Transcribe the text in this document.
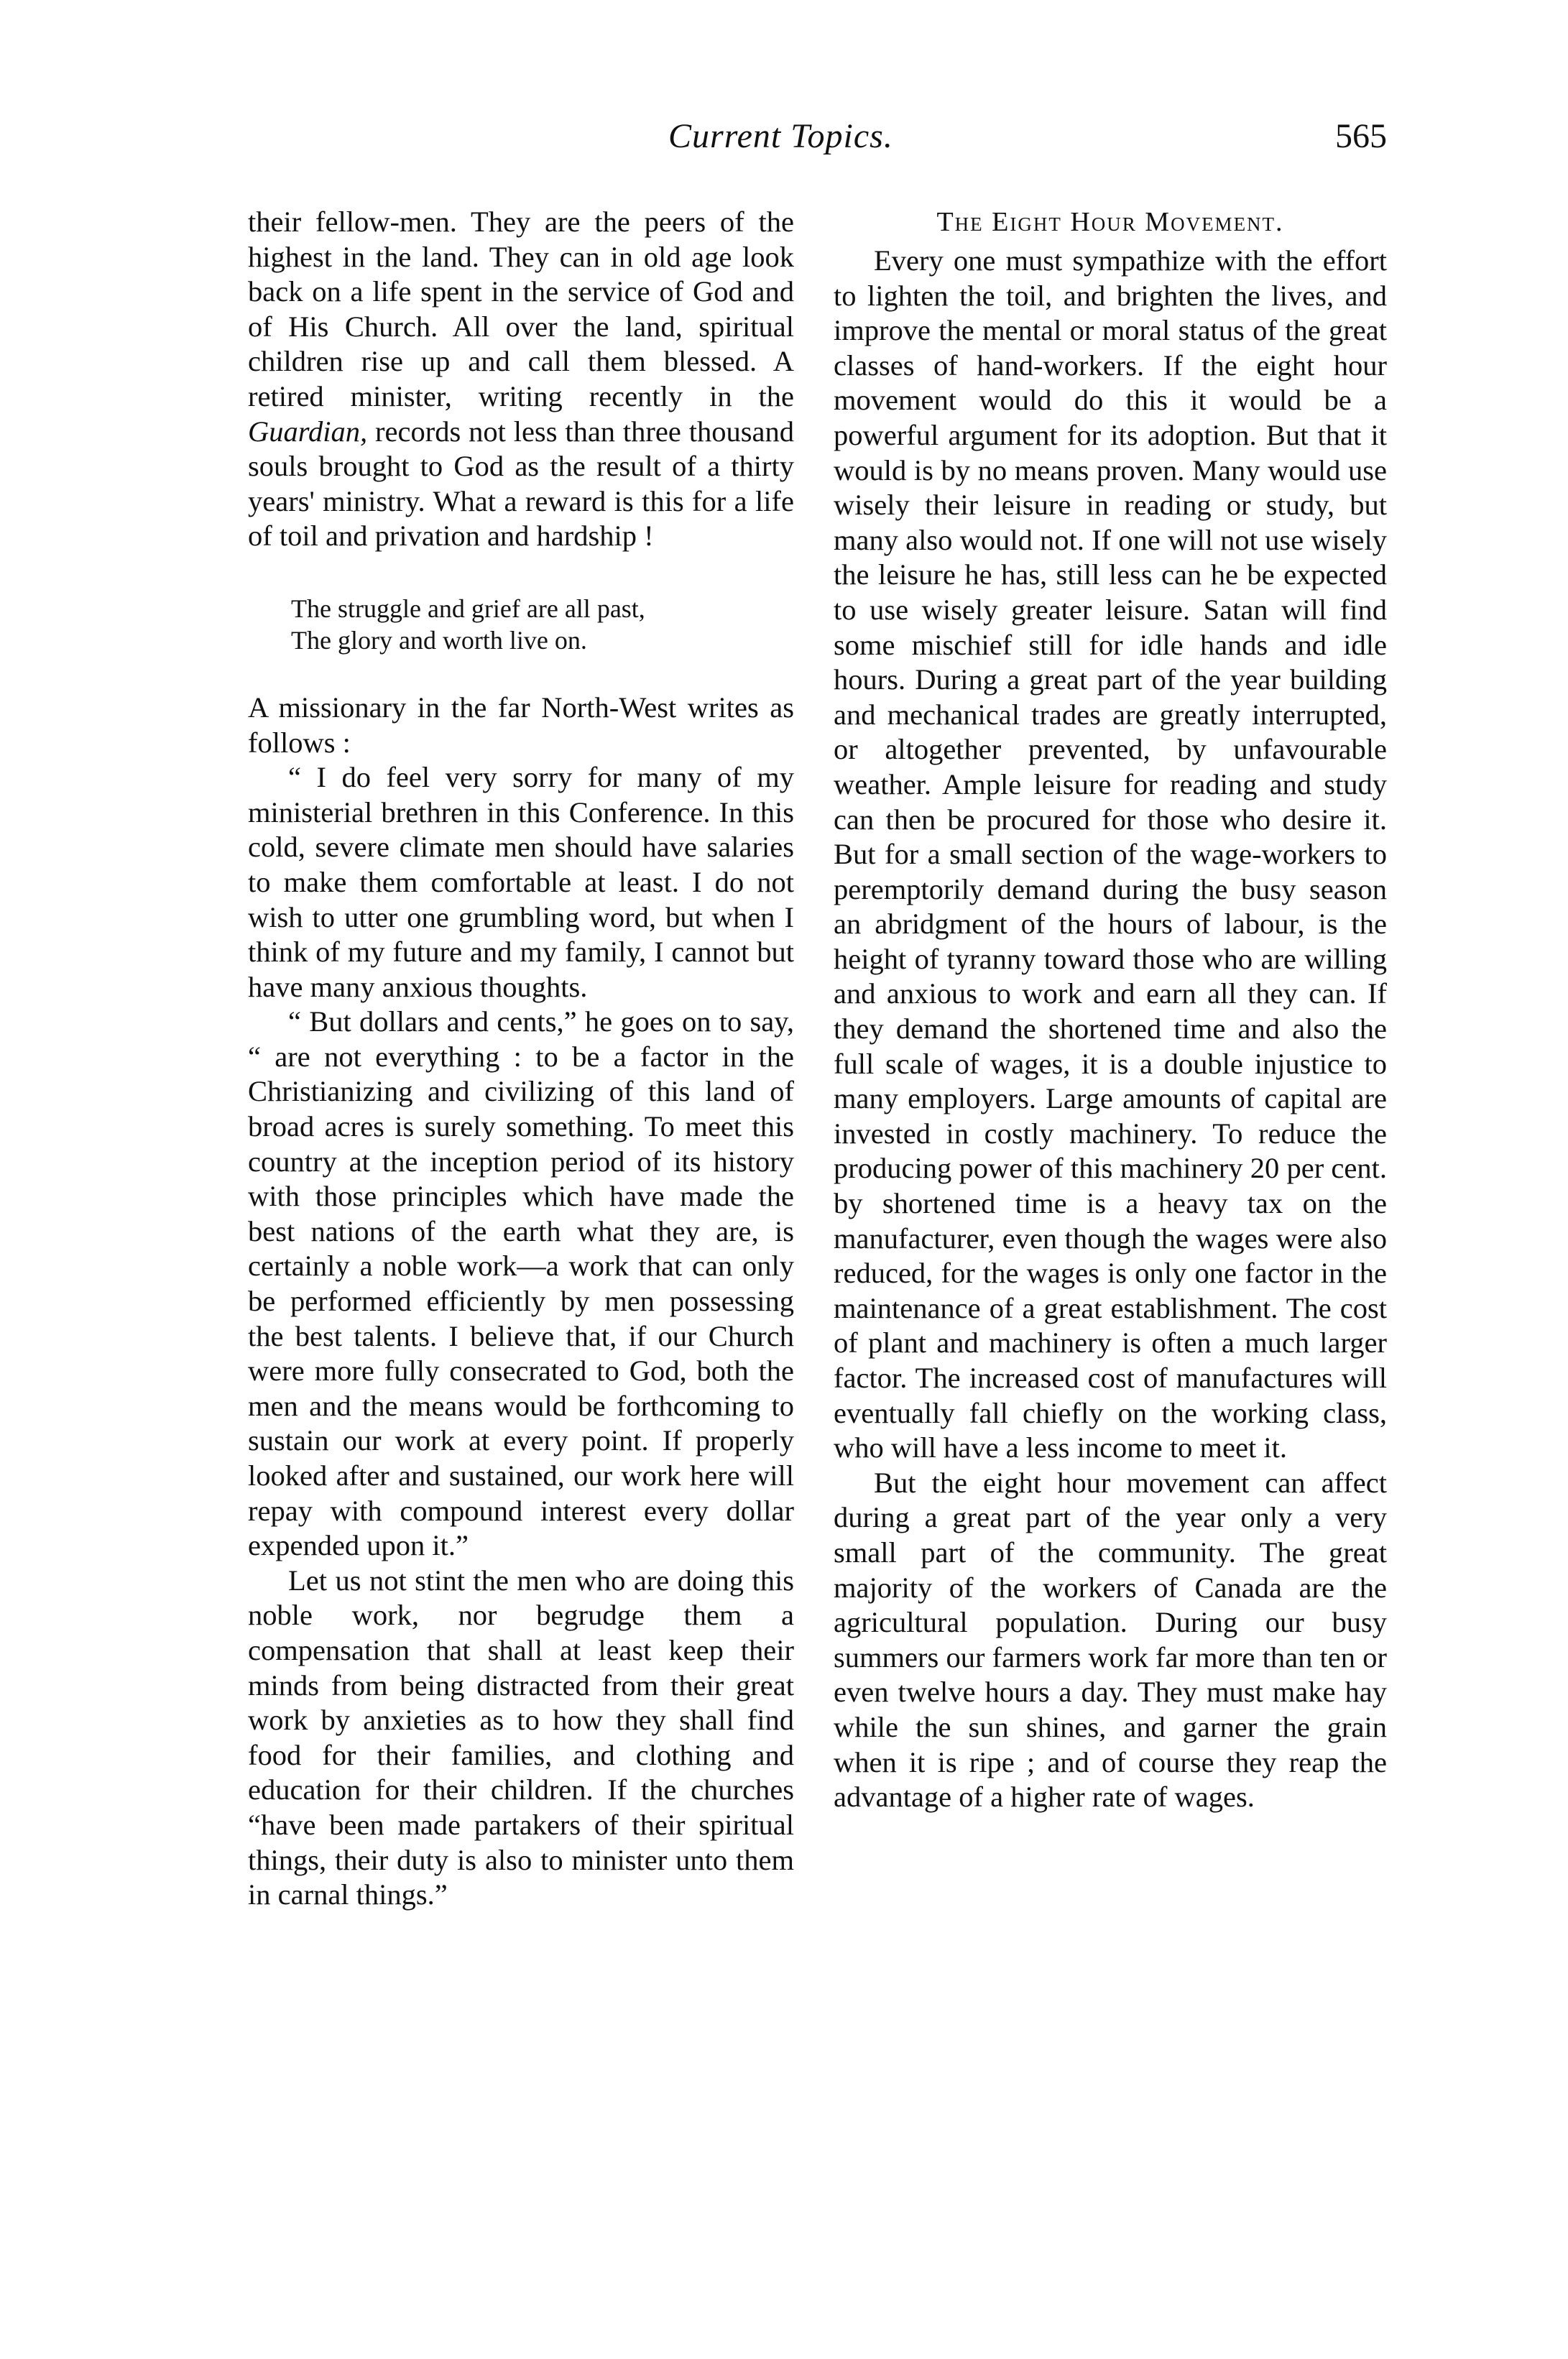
Current Topics.	565

their fellow-men. They are the peers of the highest in the land. They can in old age look back on a life spent in the service of God and of His Church. All over the land, spiritual children rise up and call them blessed. A retired minister, writing recently in the Guardian, records not less than three thousand souls brought to God as the result of a thirty years' ministry. What a reward is this for a life of toil and privation and hardship !

The struggle and grief are all past,
The glory and worth live on.

A missionary in the far North-West writes as follows :

“ I do feel very sorry for many of my ministerial brethren in this Conference. In this cold, severe climate men should have salaries to make them comfortable at least. I do not wish to utter one grumbling word, but when I think of my future and my family, I cannot but have many anxious thoughts.

“ But dollars and cents,” he goes on to say, “ are not everything : to be a factor in the Christianizing and civilizing of this land of broad acres is surely something. To meet this country at the inception period of its history with those principles which have made the best nations of the earth what they are, is certainly a noble work—a work that can only be performed efficiently by men possessing the best talents. I believe that, if our Church were more fully consecrated to God, both the men and the means would be forthcoming to sustain our work at every point. If properly looked after and sustained, our work here will repay with compound interest every dollar expended upon it.”

Let us not stint the men who are doing this noble work, nor begrudge them a compensation that shall at least keep their minds from being distracted from their great work by anxieties as to how they shall find food for their families, and clothing and education for their children. If the churches “have been made partakers of their spiritual things, their duty is also to minister unto them in carnal things.”

The Eight Hour Movement.

Every one must sympathize with the effort to lighten the toil, and brighten the lives, and improve the mental or moral status of the great classes of hand-workers. If the eight hour movement would do this it would be a powerful argument for its adoption. But that it would is by no means proven. Many would use wisely their leisure in reading or study, but many also would not. If one will not use wisely the leisure he has, still less can he be expected to use wisely greater leisure. Satan will find some mischief still for idle hands and idle hours. During a great part of the year building and mechanical trades are greatly interrupted, or altogether prevented, by unfavourable weather. Ample leisure for reading and study can then be procured for those who desire it. But for a small section of the wage-workers to peremptorily demand during the busy season an abridgment of the hours of labour, is the height of tyranny toward those who are willing and anxious to work and earn all they can. If they demand the shortened time and also the full scale of wages, it is a double injustice to many employers. Large amounts of capital are invested in costly machinery. To reduce the producing power of this machinery 20 per cent. by shortened time is a heavy tax on the manufacturer, even though the wages were also reduced, for the wages is only one factor in the maintenance of a great establishment. The cost of plant and machinery is often a much larger factor. The increased cost of manufactures will eventually fall chiefly on the working class, who will have a less income to meet it.

But the eight hour movement can affect during a great part of the year only a very small part of the community. The great majority of the workers of Canada are the agricultural population. During our busy summers our farmers work far more than ten or even twelve hours a day. They must make hay while the sun shines, and garner the grain when it is ripe ; and of course they reap the advantage of a higher rate of wages.
